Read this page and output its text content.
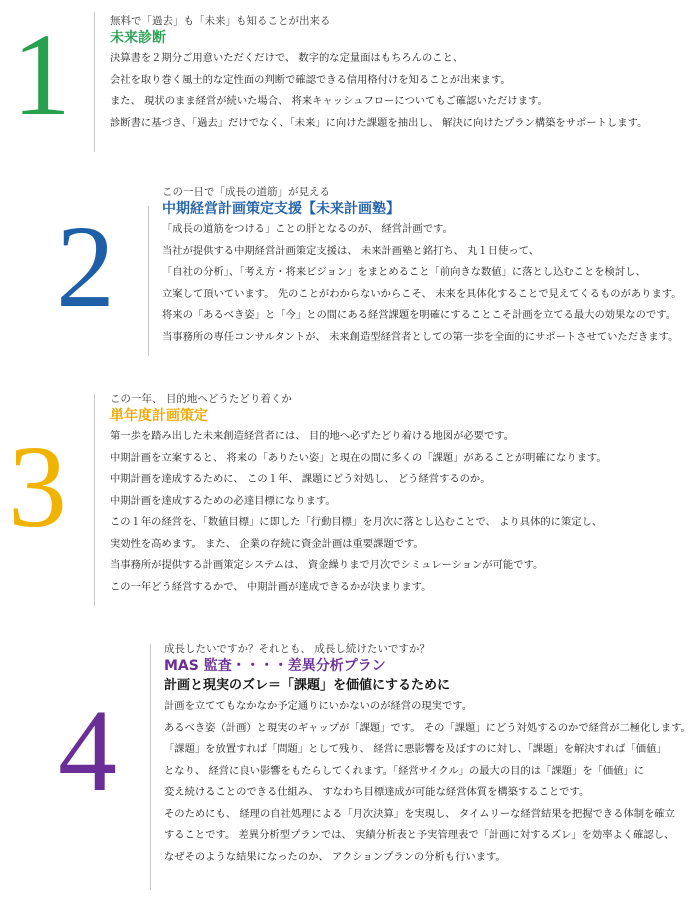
1	無料で「過去」も「未来」も知ることが出来る
未来診断
決算書を２期分ご用意いただくだけで、 数字的な定量面はもちろんのこと、
会社を取り巻く風土的な定性面の判断で確認できる信用格付けを知ることが出来ます。
また、 現状のまま経営が続いた場合、 将来キャッシュフローについてもご確認いただけます。
診断書に基づき、「過去」だけでなく、「未来」に向けた課題を抽出し、 解決に向けたプラン構築をサポートします。
2
この一日で「成長の道筋」が見える
中期経営計画策定支援【未来計画塾】
「成長の道筋をつける」ことの肝となるのが、 経営計画です。
当社が提供する中期経営計画策定支援は、 未来計画塾と銘打ち、 丸１日使って、
「自社の分析」、「考え方・将来ビジョン」をまとめること「前向きな数値」に落とし込むことを検討し、
立案して頂いています。 先のことがわからないからこそ、 未来を具体化することで見えてくるものがあります。
将来の「あるべき姿」と「今」との間にある経営課題を明確にすることこそ計画を立てる最大の効果なのです。
当事務所の専任コンサルタントが、 未来創造型経営者としての第一歩を全面的にサポートさせていただきます。
3
この一年、 目的地へどうたどり着くか
単年度計画策定
第一歩を踏み出した未来創造経営者には、 目的地へ必ずたどり着ける地図が必要です。
中期計画を立案すると、 将来の「ありたい姿」と現在の間に多くの「課題」があることが明確になります。
中期計画を達成するために、 この１年、 課題にどう対処し、 どう経営するのか。
中期計画を達成するための必達目標になります。
この１年の経営を、「数値目標」に即した「行動目標」を月次に落とし込むことで、 より具体的に策定し、
実効性を高めます。 また、 企業の存続に資金計画は重要課題です。
当事務所が提供する計画策定システムは、 資金繰りまで月次でシミュレーションが可能です。
この一年どう経営するかで、 中期計画が達成できるかが決まります。
4
成長したいですか？それとも、 成長し続けたいですか？
MAS 監査・・・・差異分析プラン
計画と現実のズレ＝「課題」を価値にするために
計画を立ててもなかなか予定通りにいかないのが経営の現実です。
あるべき姿（計画）と現実のギャップが「課題」です。 その「課題」にどう対処するのかで経営が二極化します。
「課題」を放置すれば「問題」として残り、 経営に悪影響を及ぼすのに対し、「課題」を解決すれば「価値」
となり、 経営に良い影響をもたらしてくれます。「経営サイクル」の最大の目的は「課題」を「価値」に
変え続けることのできる仕組み、 すなわち目標達成が可能な経営体質を構築することです。
そのためにも、 経理の自社処理による「月次決算」を実現し、 タイムリーな経営結果を把握できる体制を確立
することです。 差異分析型プランでは、 実績分析表と予実管理表で「計画に対するズレ」を効率よく確認し、
なぜそのような結果になったのか、 アクションプランの分析も行います。
